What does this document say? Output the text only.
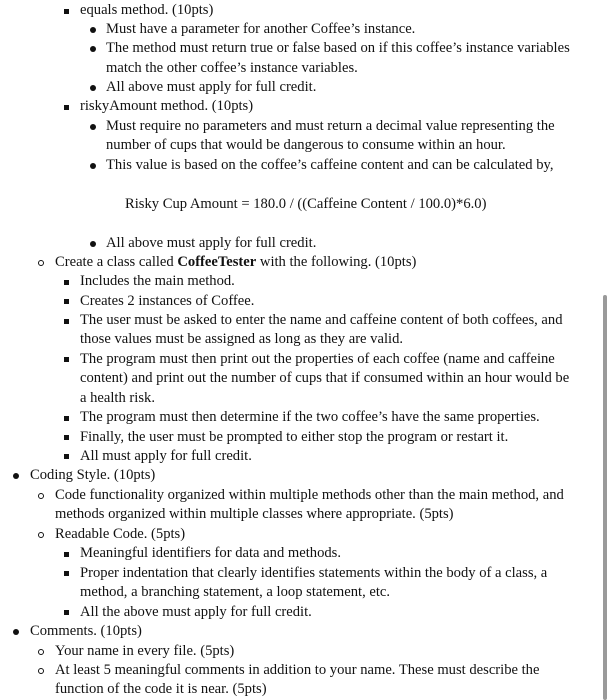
equals method. (10pts)
Must have a parameter for another Coffee’s instance.
The method must return true or false based on if this coffee’s instance variables
match the other coffee’s instance variables.
All above must apply for full credit.
riskyAmount method. (10pts)
Must require no parameters and must return a decimal value representing the
number of cups that would be dangerous to consume within an hour.
This value is based on the coffee’s caffeine content and can be calculated by,
Risky Cup Amount = 180.0 / ((Caffeine Content / 100.0)*6.0)
All above must apply for full credit.
Create a class called CoffeeTester with the following. (10pts)
Includes the main method.
Creates 2 instances of Coffee.
The user must be asked to enter the name and caffeine content of both coffees, and
those values must be assigned as long as they are valid.
The program must then print out the properties of each coffee (name and caffeine
content) and print out the number of cups that if consumed within an hour would be
a health risk.
The program must then determine if the two coffee’s have the same properties.
Finally, the user must be prompted to either stop the program or restart it.
All must apply for full credit.
Coding Style. (10pts)
Code functionality organized within multiple methods other than the main method, and
methods organized within multiple classes where appropriate. (5pts)
Readable Code. (5pts)
Meaningful identifiers for data and methods.
Proper indentation that clearly identifies statements within the body of a class, a
method, a branching statement, a loop statement, etc.
All the above must apply for full credit.
Comments. (10pts)
Your name in every file. (5pts)
At least 5 meaningful comments in addition to your name. These must describe the
function of the code it is near. (5pts)
